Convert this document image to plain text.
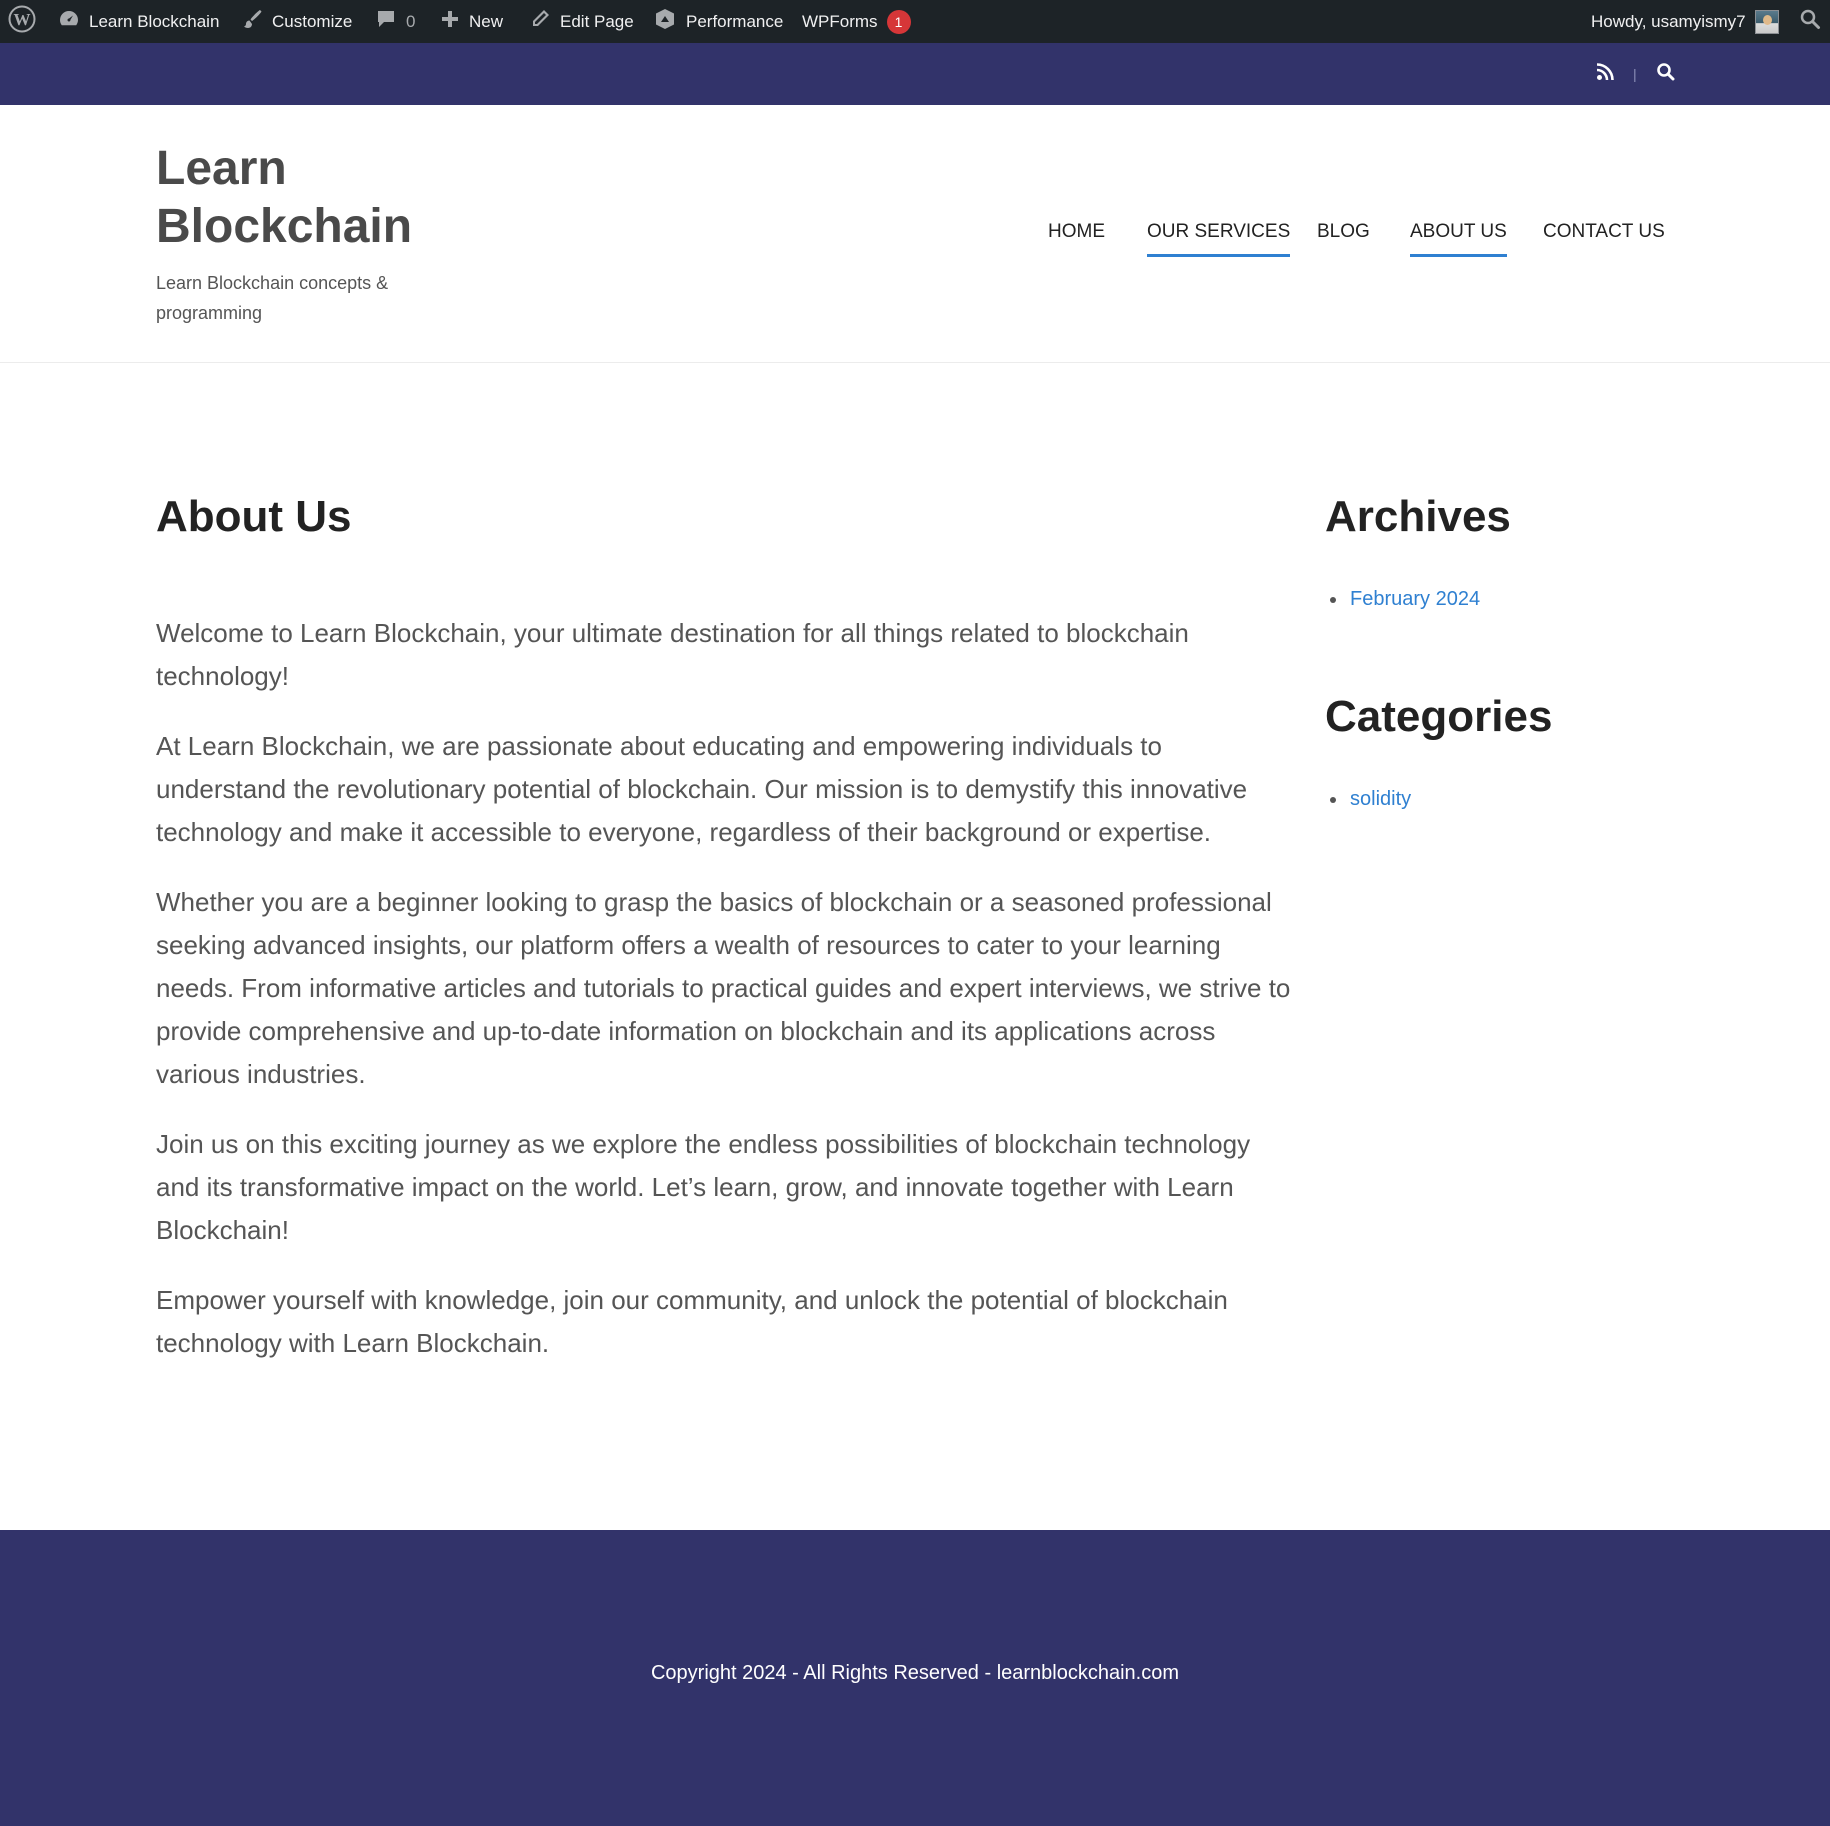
W	Learn Blockchain	Customize	0	New	Edit Page	Performance WPForms	1	Howdy, usamyismy7
|
Learn Blockchain
Learn Blockchain concepts & programming
HOME OUR SERVICES BLOG ABOUT US CONTACT US
About Us

Welcome to Learn Blockchain, your ultimate destination for all things related to blockchain technology!

At Learn Blockchain, we are passionate about educating and empowering individuals to understand the revolutionary potential of blockchain. Our mission is to demystify this innovative technology and make it accessible to everyone, regardless of their background or expertise.

Whether you are a beginner looking to grasp the basics of blockchain or a seasoned professional seeking advanced insights, our platform offers a wealth of resources to cater to your learning needs. From informative articles and tutorials to practical guides and expert interviews, we strive to provide comprehensive and up-to-date information on blockchain and its applications across various industries.

Join us on this exciting journey as we explore the endless possibilities of blockchain technology and its transformative impact on the world. Let’s learn, grow, and innovate together with Learn Blockchain!

Empower yourself with knowledge, join our community, and unlock the potential of blockchain technology with Learn Blockchain.

Archives
February 2024
Categories
solidity
Copyright 2024 - All Rights Reserved - learnblockchain.com
